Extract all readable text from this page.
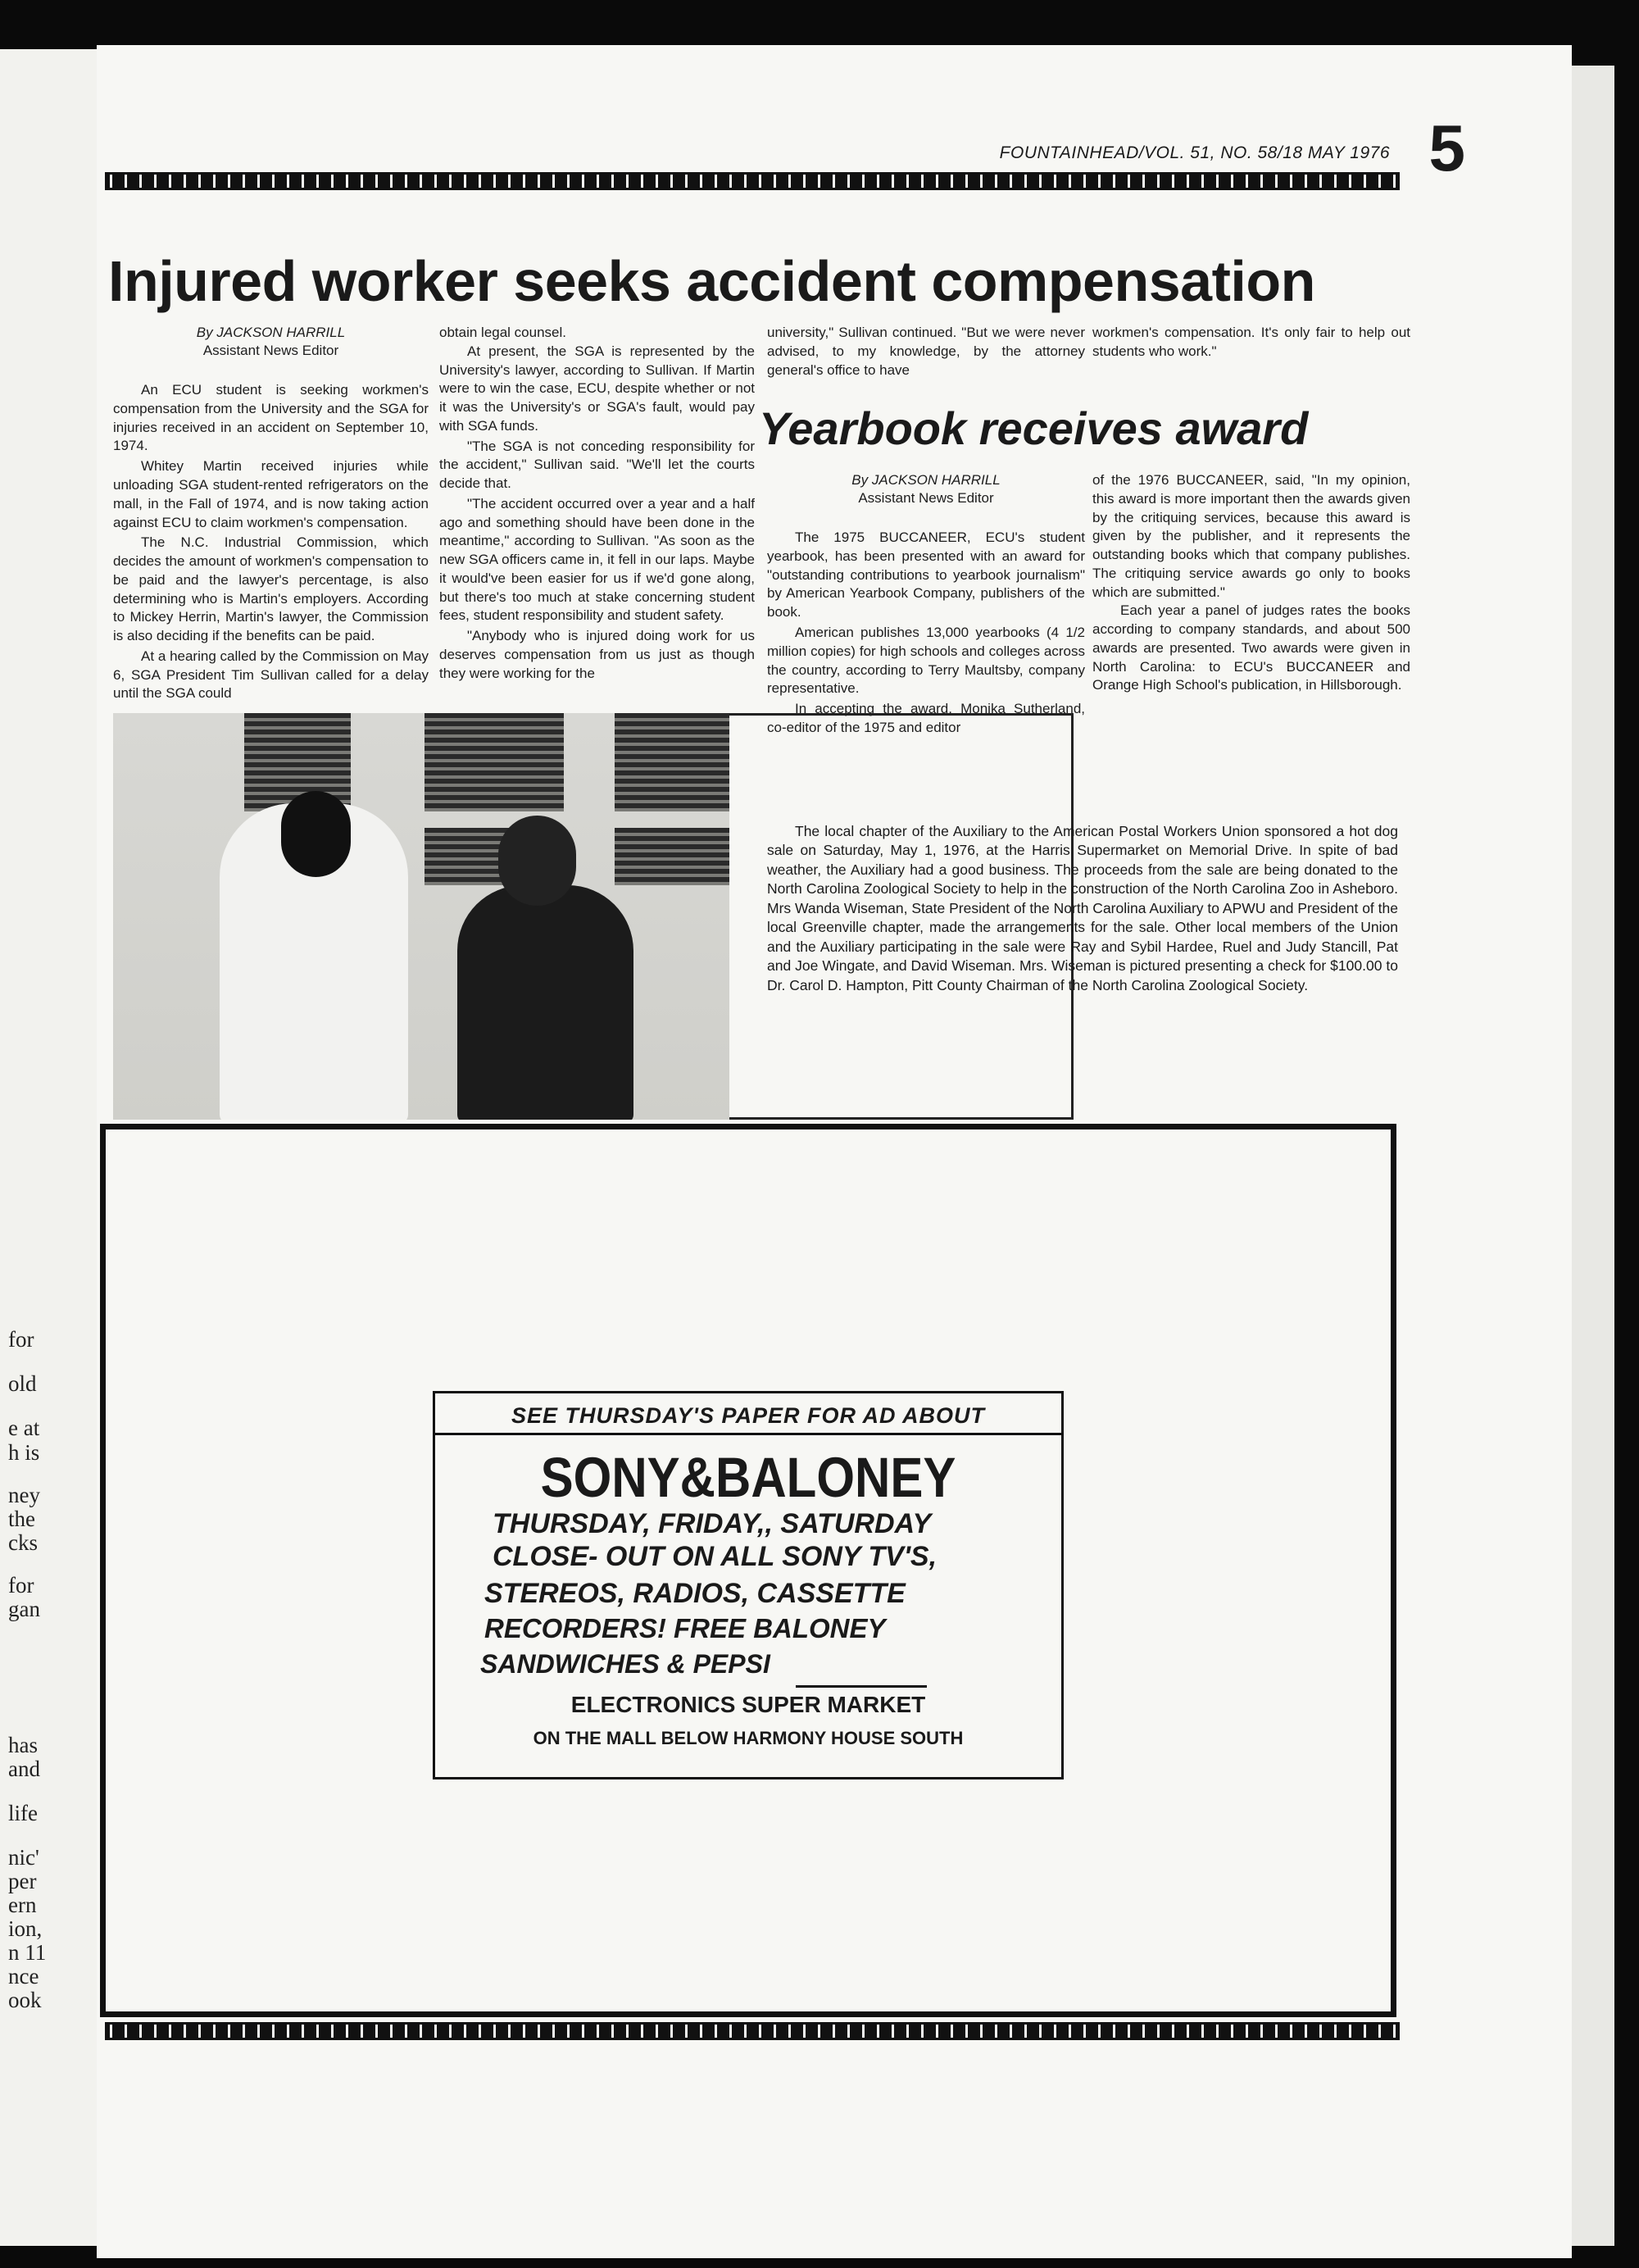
for
old
e at
h is
ney
the
cks
for
gan
has
and
life
nic'
per
ern
ion,
n 11
nce
ook
FOUNTAINHEAD/VOL. 51, NO. 58/18 MAY 1976 5
Injured worker seeks accident compensation
By JACKSON HARRILL
Assistant News Editor

An ECU student is seeking workmen's compensation from the University and the SGA for injuries received in an accident on September 10, 1974.

Whitey Martin received injuries while unloading SGA student-rented refrigerators on the mall, in the Fall of 1974, and is now taking action against ECU to claim workmen's compensation.

The N.C. Industrial Commission, which decides the amount of workmen's compensation to be paid and the lawyer's percentage, is also determining who is Martin's employers. According to Mickey Herrin, Martin's lawyer, the Commission is also deciding if the benefits can be paid.

At a hearing called by the Commission on May 6, SGA President Tim Sullivan called for a delay until the SGA could

obtain legal counsel.

At present, the SGA is represented by the University's lawyer, according to Sullivan. If Martin were to win the case, ECU, despite whether or not it was the University's or SGA's fault, would pay with SGA funds.

"The SGA is not conceding responsibility for the accident," Sullivan said. "We'll let the courts decide that.

"The accident occurred over a year and a half ago and something should have been done in the meantime," according to Sullivan. "As soon as the new SGA officers came in, it fell in our laps. Maybe it would've been easier for us if we'd gone along, but there's too much at stake concerning student fees, student responsibility and student safety.

"Anybody who is injured doing work for us deserves compensation from us just as though they were working for the

university," Sullivan continued. "But we were never advised, to my knowledge, by the attorney general's office to have
workmen's compensation. It's only fair to help out students who work."
Yearbook receives award
By JACKSON HARRILL
Assistant News Editor

The 1975 BUCCANEER, ECU's student yearbook, has been presented with an award for "outstanding contributions to yearbook journalism" by American Yearbook Company, publishers of the book.

American publishes 13,000 yearbooks (4 1/2 million copies) for high schools and colleges across the country, according to Terry Maultsby, company representative.

In accepting the award, Monika Sutherland, co-editor of the 1975 and editor

of the 1976 BUCCANEER, said, "In my opinion, this award is more important then the awards given by the critiquing services, because this award is given by the publisher, and it represents the outstanding books which that company publishes. The critiquing service awards go only to books which are submitted."

Each year a panel of judges rates the books according to company standards, and about 500 awards are presented. Two awards were given in North Carolina: to ECU's BUCCANEER and Orange High School's publication, in Hillsborough.

The local chapter of the Auxiliary to the American Postal Workers Union sponsored a hot dog sale on Saturday, May 1, 1976, at the Harris Supermarket on Memorial Drive. In spite of bad weather, the Auxiliary had a good business. The proceeds from the sale are being donated to the North Carolina Zoological Society to help in the construction of the North Carolina Zoo in Asheboro. Mrs Wanda Wiseman, State President of the North Carolina Auxiliary to APWU and President of the local Greenville chapter, made the arrangements for the sale. Other local members of the Union and the Auxiliary participating in the sale were Ray and Sybil Hardee, Ruel and Judy Stancill, Pat and Joe Wingate, and David Wiseman. Mrs. Wiseman is pictured presenting a check for $100.00 to Dr. Carol D. Hampton, Pitt County Chairman of the North Carolina Zoological Society.
SEE THURSDAY'S PAPER FOR AD ABOUT
SONY&BALONEY
THURSDAY, FRIDAY,, SATURDAY
CLOSE- OUT ON ALL SONY TV'S,
STEREOS, RADIOS, CASSETTE
RECORDERS! FREE BALONEY
SANDWICHES & PEPSI
ELECTRONICS SUPER MARKET
ON THE MALL BELOW HARMONY HOUSE SOUTH
